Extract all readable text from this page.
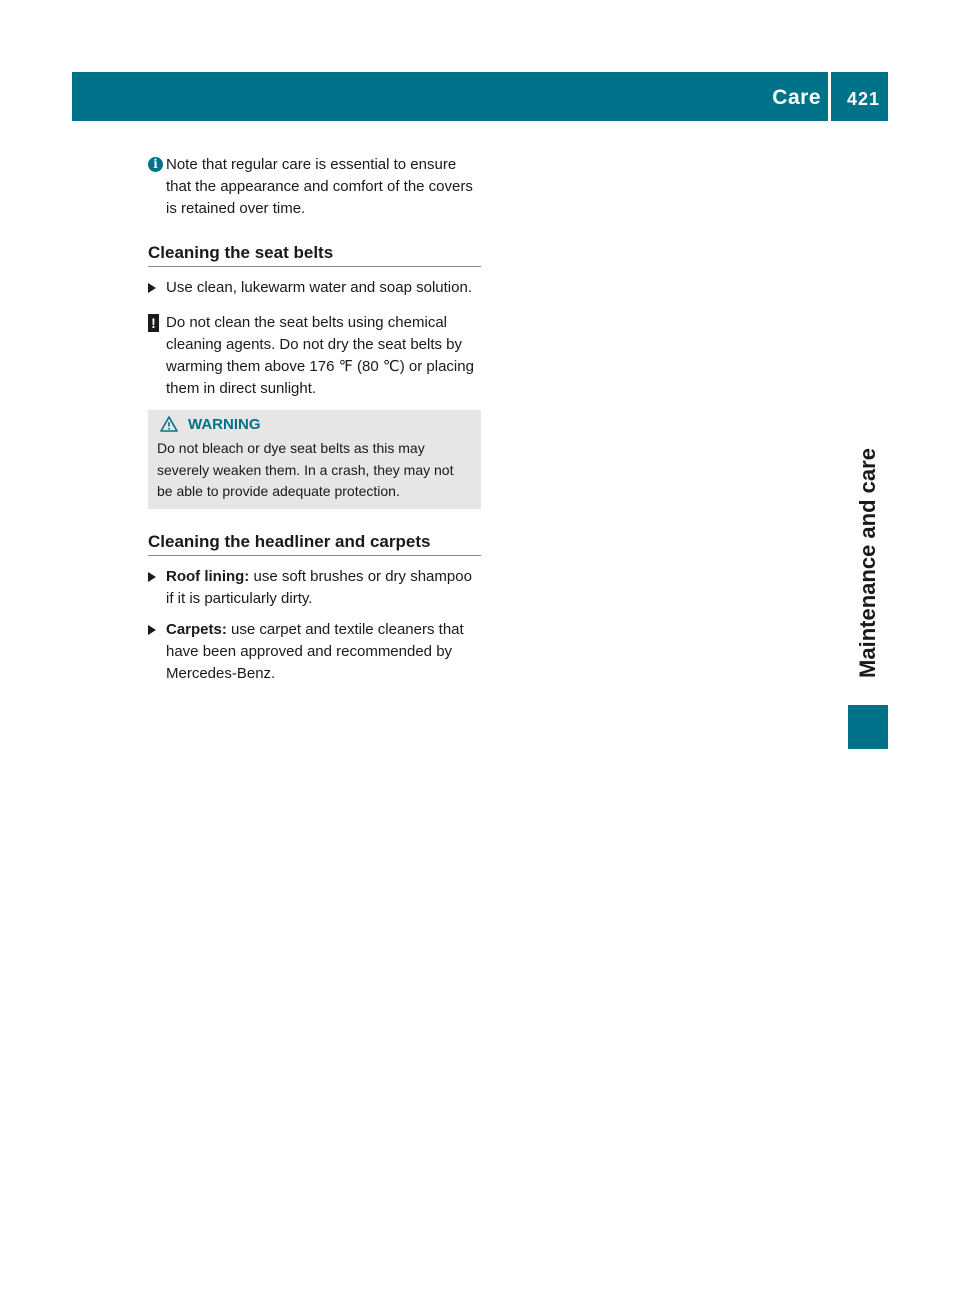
Care 421
Maintenance and care

i Note that regular care is essential to ensure that the appearance and comfort of the covers is retained over time.

Cleaning the seat belts

Use clean, lukewarm water and soap solution.

! Do not clean the seat belts using chemical cleaning agents. Do not dry the seat belts by warming them above 176 ℉ (80 ℃) or placing them in direct sunlight.

WARNING

Do not bleach or dye seat belts as this may severely weaken them. In a crash, they may not be able to provide adequate protection.

Cleaning the headliner and carpets

Roof lining: use soft brushes or dry shampoo if it is particularly dirty.

Carpets: use carpet and textile cleaners that have been approved and recommended by Mercedes-Benz.
